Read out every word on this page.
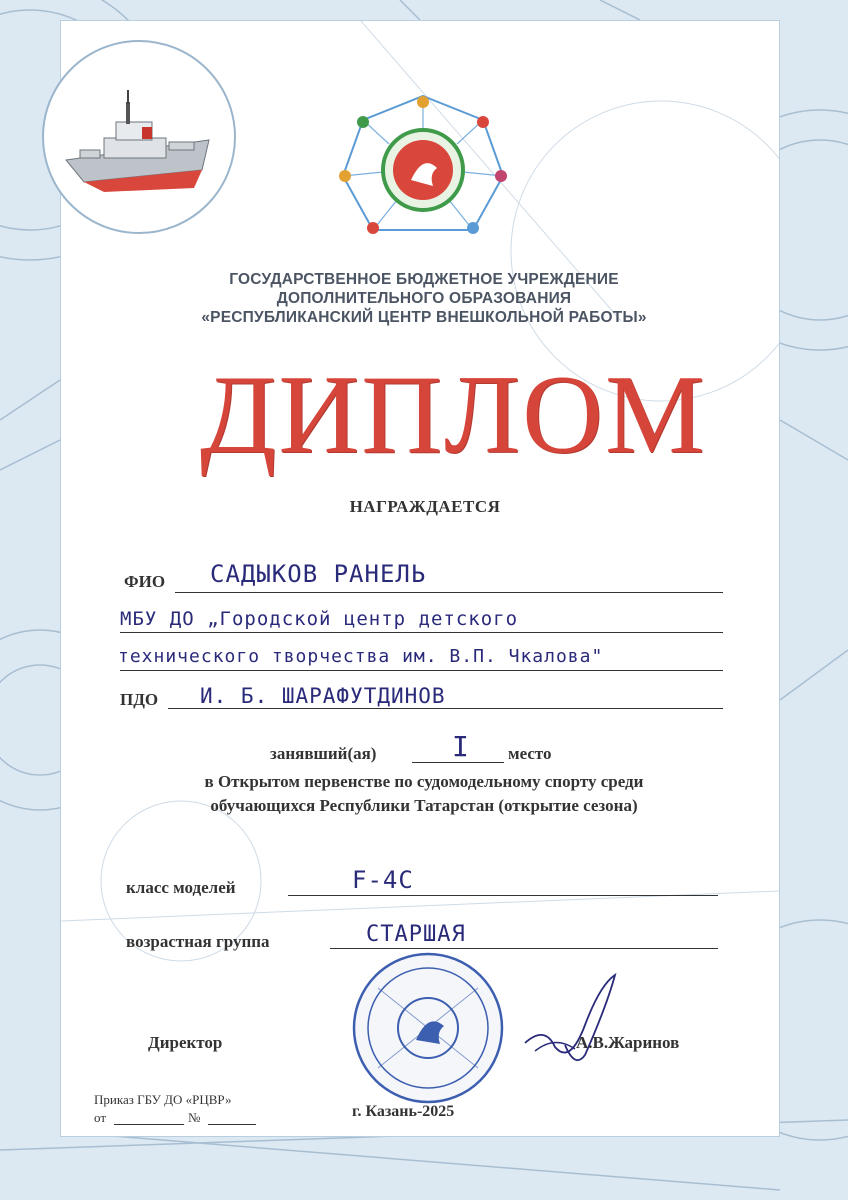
ГОСУДАРСТВЕННОЕ БЮДЖЕТНОЕ УЧРЕЖДЕНИЕ
ДОПОЛНИТЕЛЬНОГО ОБРАЗОВАНИЯ
«РЕСПУБЛИКАНСКИЙ ЦЕНТР ВНЕШКОЛЬНОЙ РАБОТЫ»
ДИПЛОМ
НАГРАЖДАЕТСЯ
ФИО САДЫКОВ РАНЕЛЬ
МБУ ДО „Городской центр детского
технического творчества им. В.П. Чкалова"
ПДО И. Б. ШАРАФУТДИНОВ
занявший(ая)	I место
в Открытом первенстве по судомодельному спорту среди
обучающихся Республики Татарстан (открытие сезона)
класс моделей	F-4C
возрастная группа	СТАРШАЯ
Директор	А.В.Жаринов
Приказ ГБУ ДО «РЦВР»
от	№	г. Казань-2025
